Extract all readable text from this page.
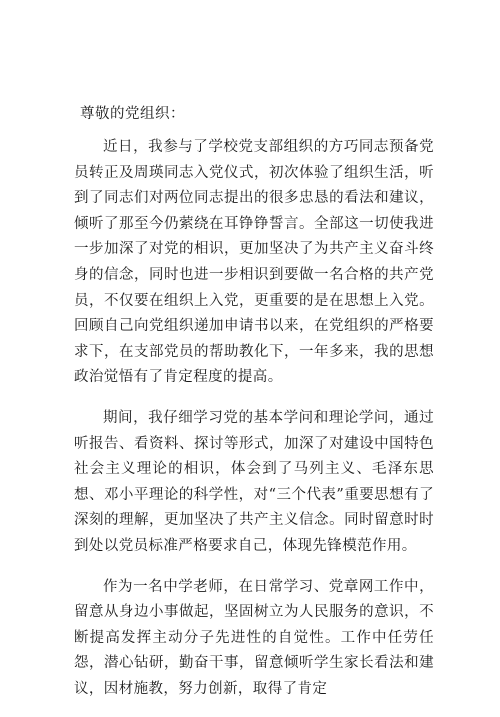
尊敬的党组织：

近日，我参与了学校党支部组织的方巧同志预备党员转正及周瑛同志入党仪式，初次体验了组织生活，听到了同志们对两位同志提出的很多忠恳的看法和建议，倾听了那至今仍萦绕在耳铮铮誓言。全部这一切使我进一步加深了对党的相识，更加坚决了为共产主义奋斗终身的信念，同时也进一步相识到要做一名合格的共产党员，不仅要在组织上入党，更重要的是在思想上入党。回顾自己向党组织递加申请书以来，在党组织的严格要求下，在支部党员的帮助教化下，一年多来，我的思想政治觉悟有了肯定程度的提高。

期间，我仔细学习党的基本学问和理论学问，通过听报告、看资料、探讨等形式，加深了对建设中国特色社会主义理论的相识，体会到了马列主义、毛泽东思想、邓小平理论的科学性，对“三个代表”重要思想有了深刻的理解，更加坚决了共产主义信念。同时留意时时到处以党员标准严格要求自己，体现先锋模范作用。

作为一名中学老师，在日常学习、党章网工作中，留意从身边小事做起，坚固树立为人民服务的意识，不断提高发挥主动分子先进性的自觉性。工作中任劳任怨，潜心钻研，勤奋干事，留意倾听学生家长看法和建议，因材施教，努力创新，取得了肯定
